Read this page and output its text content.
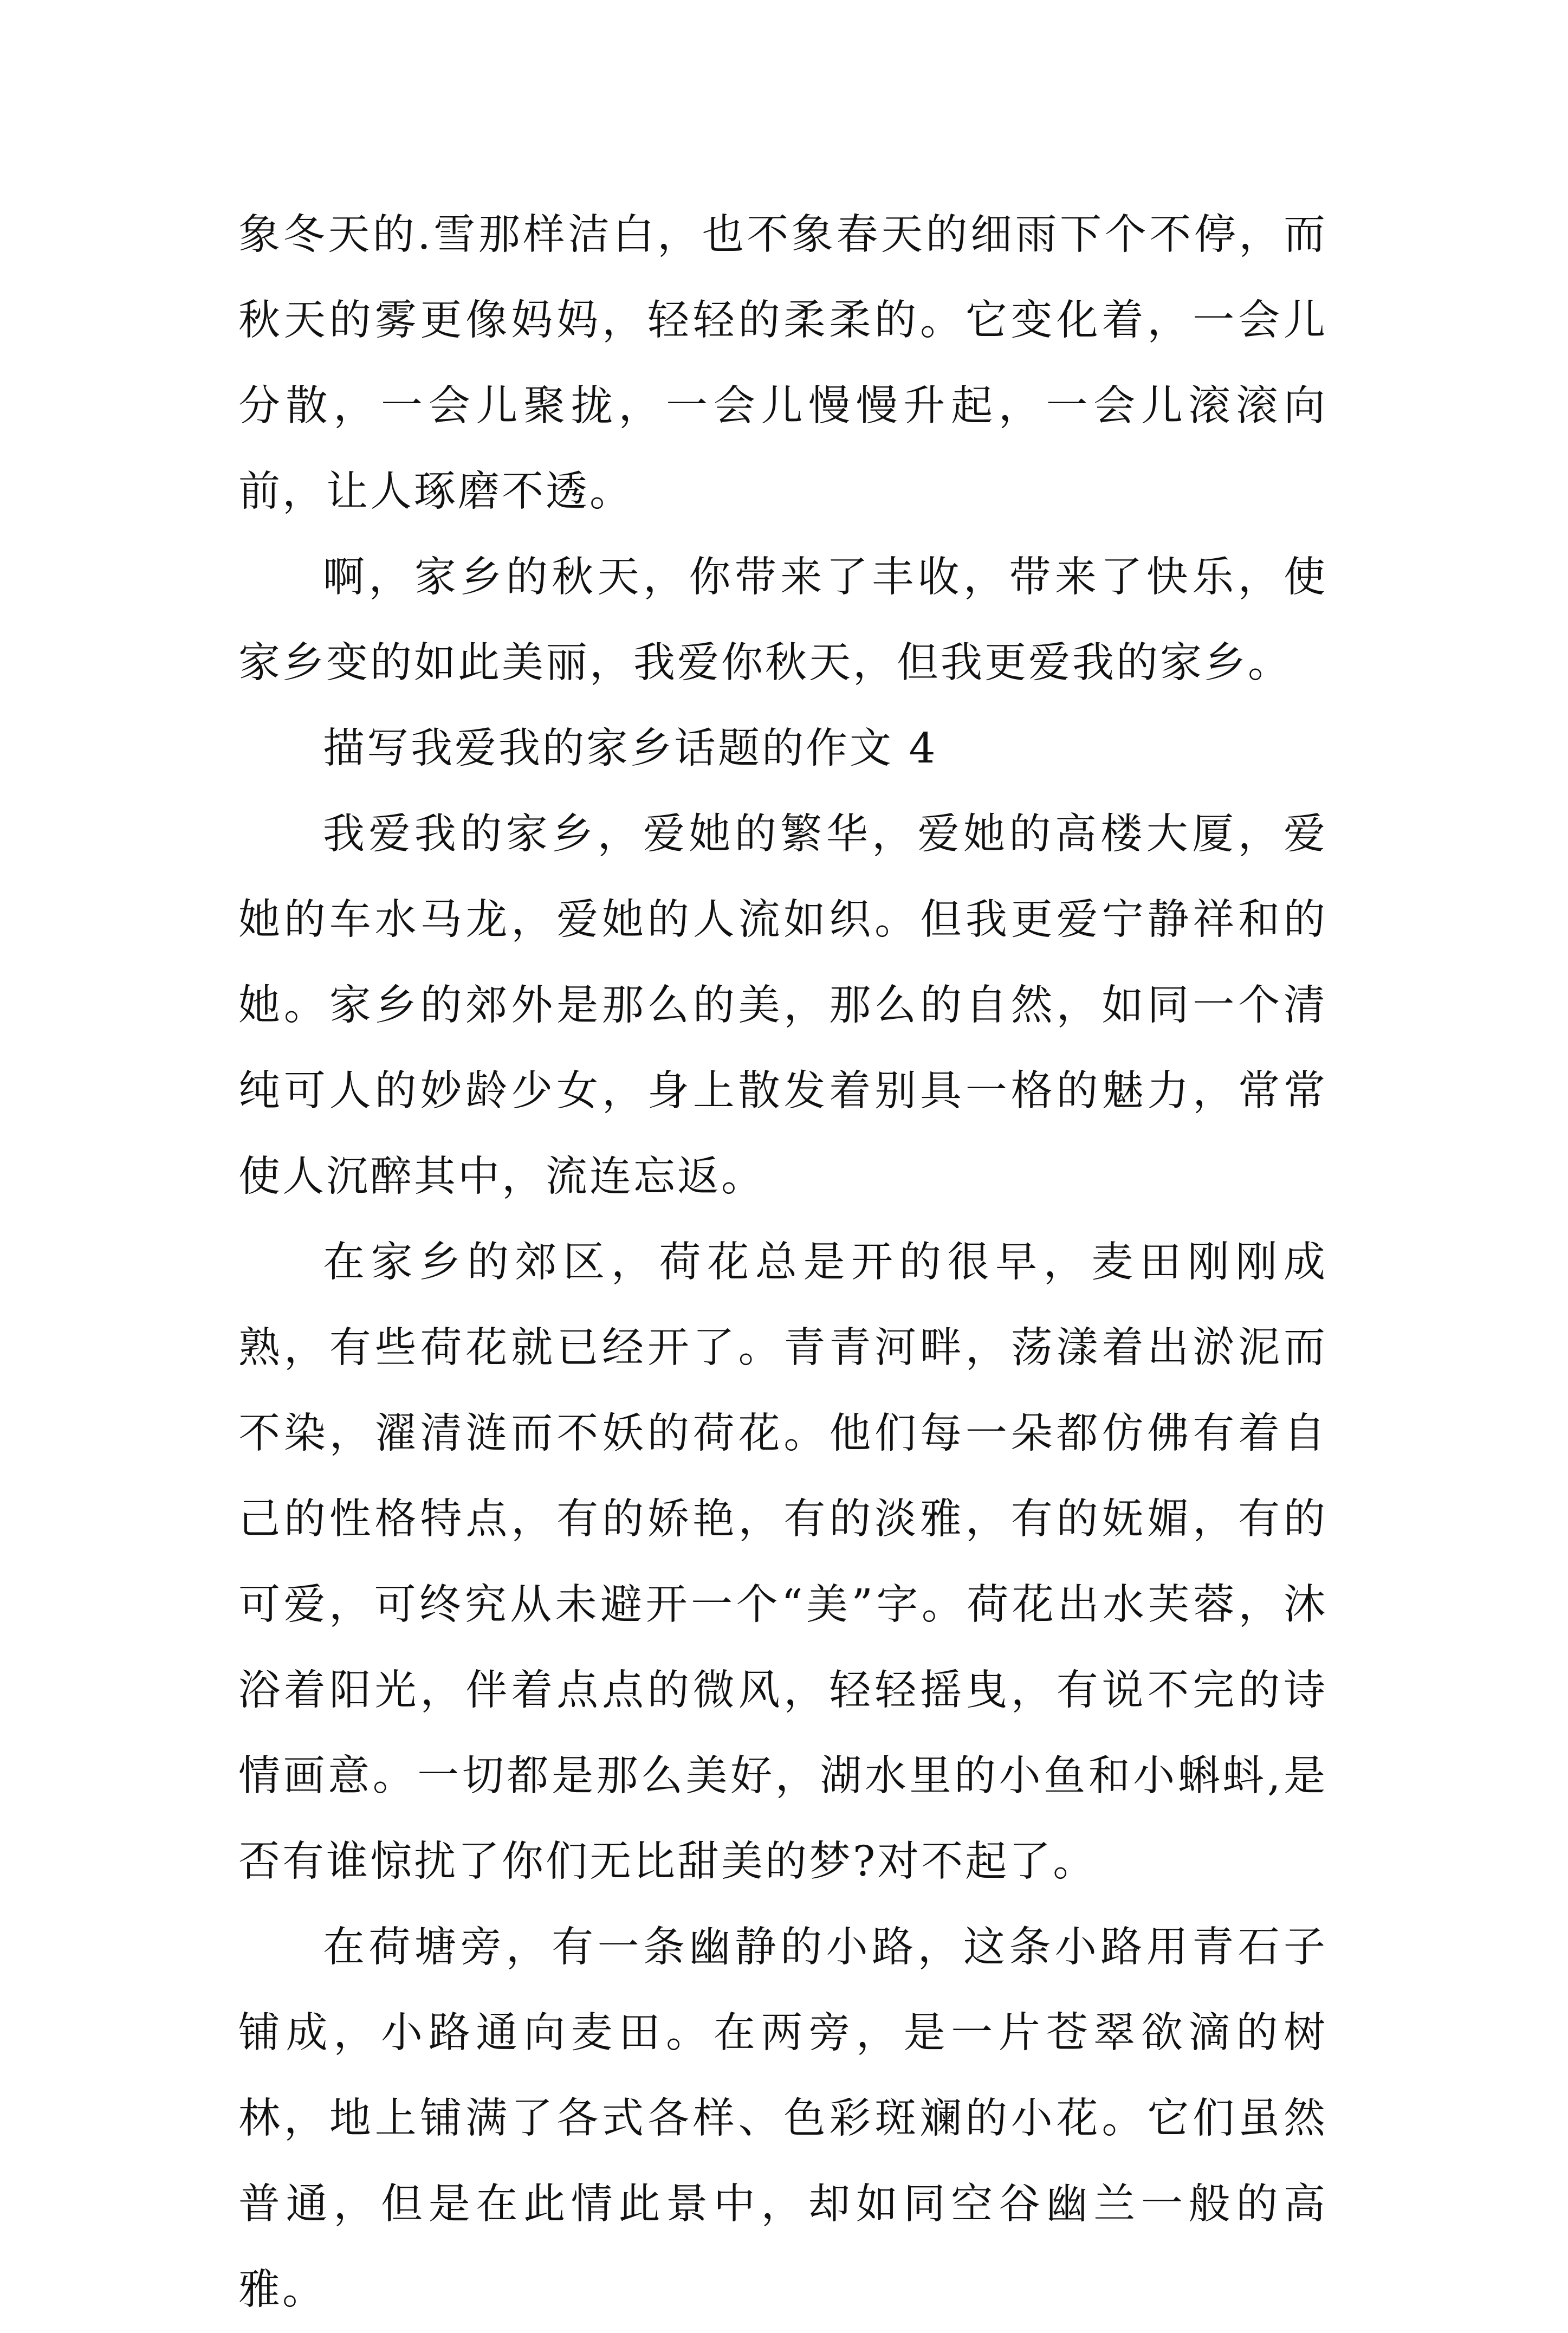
象冬天的.雪那样洁白，也不象春天的细雨下个不停，而秋天的雾更像妈妈，轻轻的柔柔的。它变化着，一会儿分散，一会儿聚拢，一会儿慢慢升起，一会儿滚滚向前，让人琢磨不透。

啊，家乡的秋天，你带来了丰收，带来了快乐，使家乡变的如此美丽，我爱你秋天，但我更爱我的家乡。

描写我爱我的家乡话题的作文 4

我爱我的家乡，爱她的繁华，爱她的高楼大厦，爱她的车水马龙，爱她的人流如织。但我更爱宁静祥和的她。家乡的郊外是那么的美，那么的自然，如同一个清纯可人的妙龄少女，身上散发着别具一格的魅力，常常使人沉醉其中，流连忘返。

在家乡的郊区，荷花总是开的很早，麦田刚刚成熟，有些荷花就已经开了。青青河畔，荡漾着出淤泥而不染，濯清涟而不妖的荷花。他们每一朵都仿佛有着自己的性格特点，有的娇艳，有的淡雅，有的妩媚，有的可爱，可终究从未避开一个“美”字。荷花出水芙蓉，沐浴着阳光，伴着点点的微风，轻轻摇曳，有说不完的诗情画意。一切都是那么美好，湖水里的小鱼和小蝌蚪,是否有谁惊扰了你们无比甜美的梦?对不起了。

在荷塘旁，有一条幽静的小路，这条小路用青石子铺成，小路通向麦田。在两旁，是一片苍翠欲滴的树林，地上铺满了各式各样、色彩斑斓的小花。它们虽然普通，但是在此情此景中，却如同空谷幽兰一般的高雅。
